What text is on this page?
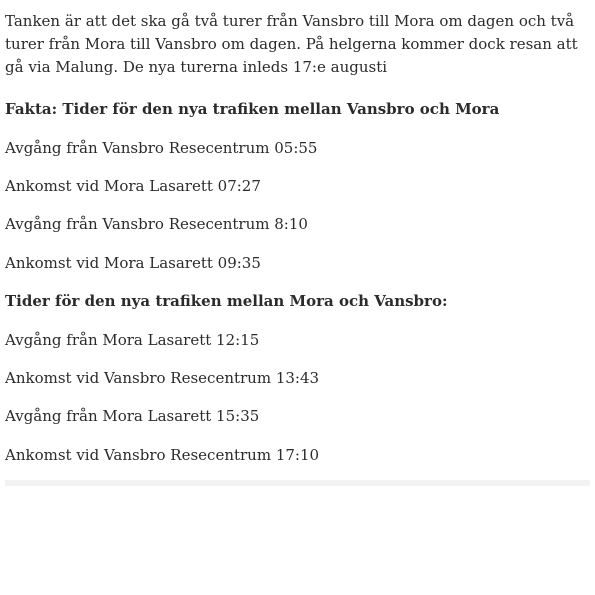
Tanken är att det ska gå två turer från Vansbro till Mora om dagen och två turer från Mora till Vansbro om dagen. På helgerna kommer dock resan att gå via Malung. De nya turerna inleds 17:e augusti

Fakta: Tider för den nya trafiken mellan Vansbro och Mora
Avgång från Vansbro Resecentrum 05:55
Ankomst vid Mora Lasarett 07:27
Avgång från Vansbro Resecentrum 8:10
Ankomst vid Mora Lasarett 09:35
Tider för den nya trafiken mellan Mora och Vansbro:
Avgång från Mora Lasarett 12:15
Ankomst vid Vansbro Resecentrum 13:43
Avgång från Mora Lasarett 15:35
Ankomst vid Vansbro Resecentrum 17:10
